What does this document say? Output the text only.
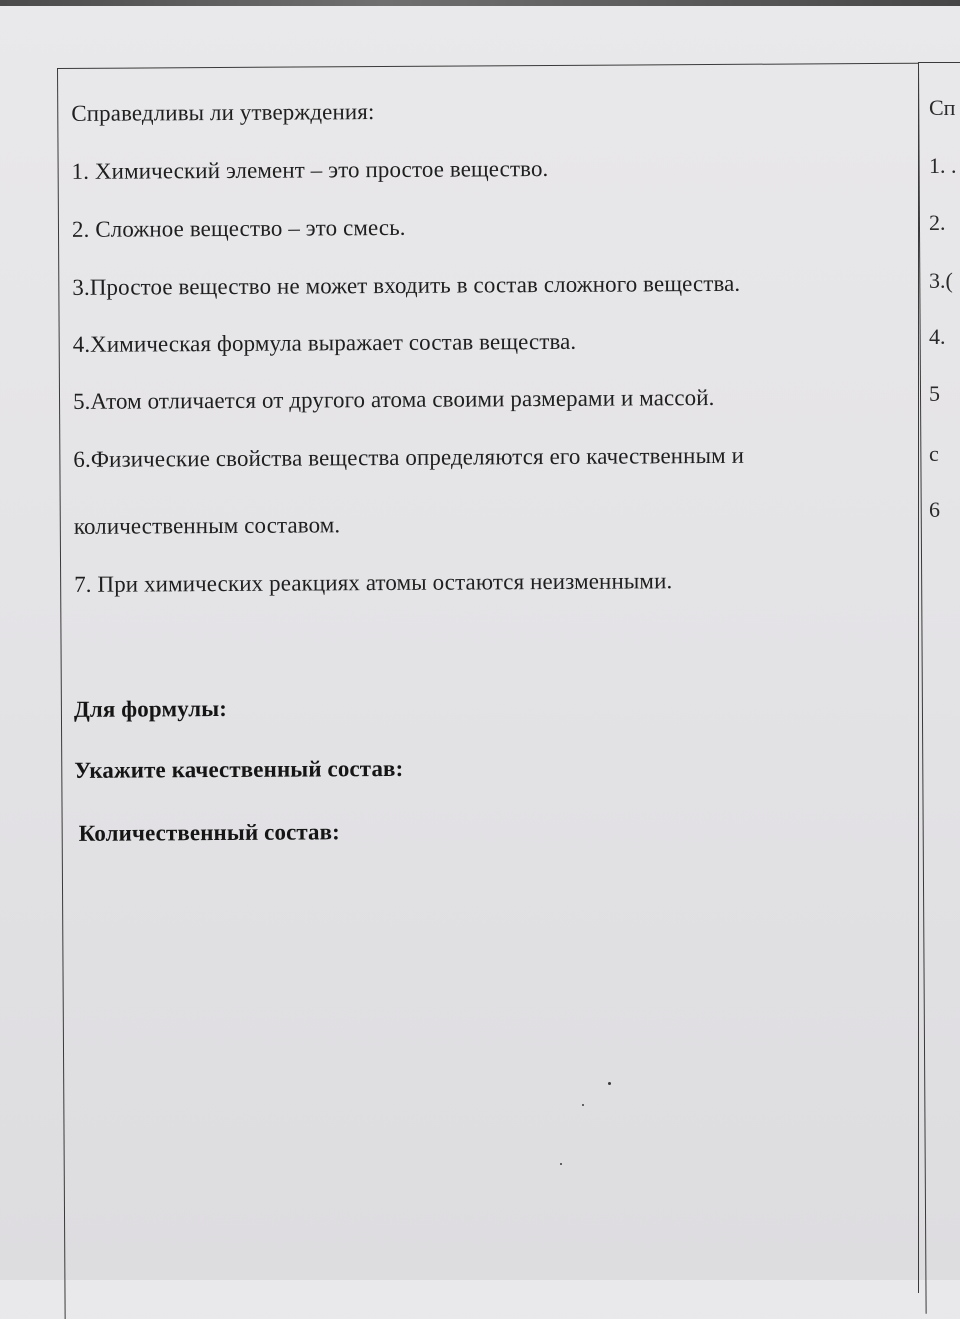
Справедливы ли утверждения:
1. Химический элемент – это простое вещество.
2. Сложное вещество – это смесь.
3.Простое вещество не может входить в состав сложного вещества.
4.Химическая формула выражает состав вещества.
5.Атом отличается от другого атома своими размерами и массой.
6.Физические свойства вещества определяются его качественным и
количественным составом.
7. При химических реакциях атомы остаются неизменными.
Для формулы:
Укажите качественный состав:
Количественный состав:
Сп
1. .
2.
3.(
4.
5
с
6
